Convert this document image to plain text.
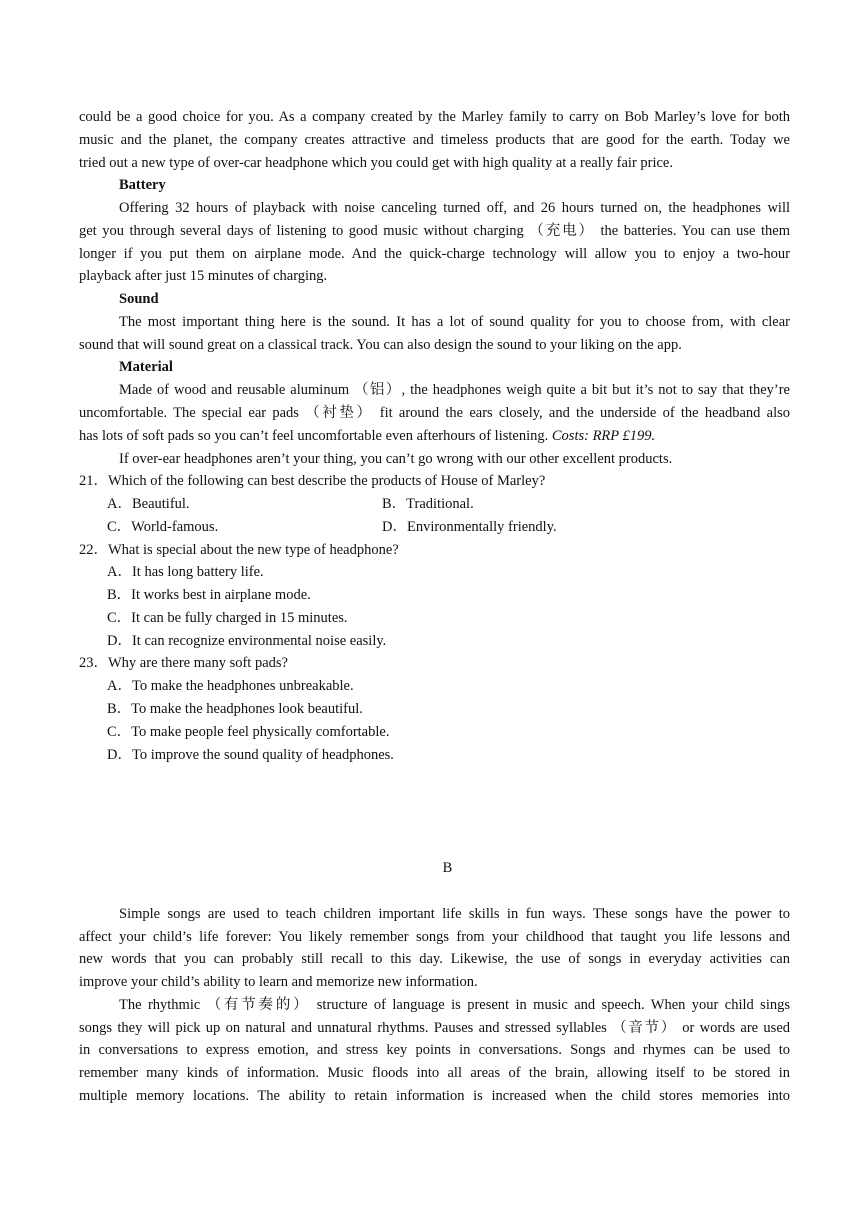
could be a good choice for you. As a company created by the Marley family to carry on Bob Marley’s love for both
music and the planet, the company creates attractive and timeless products that are good for the earth. Today we
tried out a new type of over-car headphone which you could get with high quality at a really fair price.
Battery
Offering 32 hours of playback with noise canceling turned off, and 26 hours turned on, the headphones will
get you through several days of listening to good music without charging （充电） the batteries. You can use them
longer if you put them on airplane mode. And the quick-charge technology will allow you to enjoy a two-hour
playback after just 15 minutes of charging.
Sound
The most important thing here is the sound. It has a lot of sound quality for you to choose from, with clear
sound that will sound great on a classical track. You can also design the sound to your liking on the app.
Material
Made of wood and reusable aluminum （铝）, the headphones weigh quite a bit but it’s not to say that they’re
uncomfortable. The special ear pads （衬垫） fit around the ears closely, and the underside of the headband also
has lots of soft pads so you can’t feel uncomfortable even afterhours of listening. Costs: RRP £199.
If over-ear headphones aren’t your thing, you can’t go wrong with our other excellent products.
21．Which of the following can best describe the products of House of Marley?
A．Beautiful.	B．Traditional.
C．World-famous.	D．Environmentally friendly.
22．What is special about the new type of headphone?
A．It has long battery life.
B．It works best in airplane mode.
C．It can be fully charged in 15 minutes.
D．It can recognize environmental noise easily.
23．Why are there many soft pads?
A．To make the headphones unbreakable.
B．To make the headphones look beautiful.
C．To make people feel physically comfortable.
D．To improve the sound quality of headphones.
B
Simple songs are used to teach children important life skills in fun ways. These songs have the power to
affect your child’s life forever: You likely remember songs from your childhood that taught you life lessons and
new words that you can probably still recall to this day. Likewise, the use of songs in everyday activities can
improve your child’s ability to learn and memorize new information.
The rhythmic （有节奏的） structure of language is present in music and speech. When your child sings
songs they will pick up on natural and unnatural rhythms. Pauses and stressed syllables （音节） or words are used
in conversations to express emotion, and stress key points in conversations. Songs and rhymes can be used to
remember many kinds of information. Music floods into all areas of the brain, allowing itself to be stored in
multiple memory locations. The ability to retain information is increased when the child stores memories into
